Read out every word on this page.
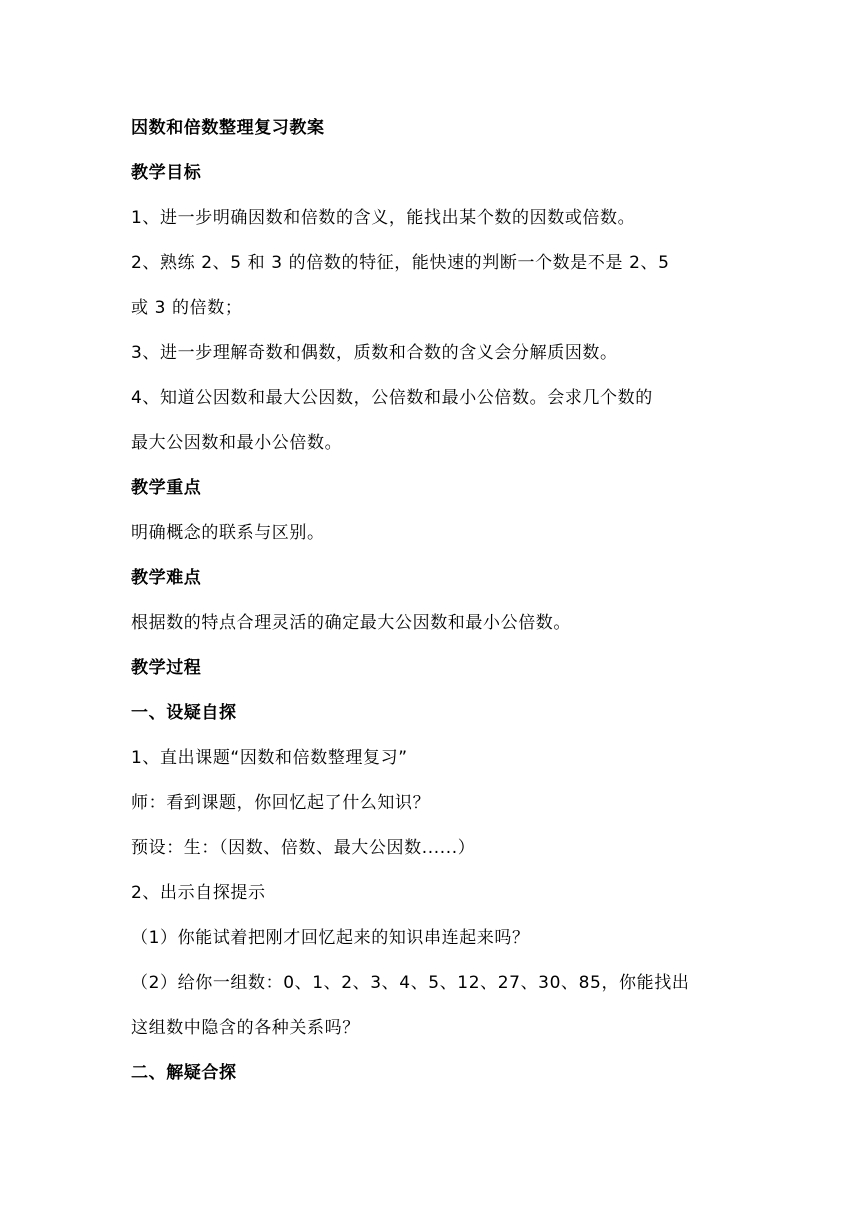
因数和倍数整理复习教案
教学目标
1、进一步明确因数和倍数的含义，能找出某个数的因数或倍数。
2、熟练 2、5 和 3 的倍数的特征，能快速的判断一个数是不是 2、5
或 3 的倍数；
3、进一步理解奇数和偶数，质数和合数的含义会分解质因数。
4、知道公因数和最大公因数，公倍数和最小公倍数。会求几个数的
最大公因数和最小公倍数。
教学重点
明确概念的联系与区别。
教学难点
根据数的特点合理灵活的确定最大公因数和最小公倍数。
教学过程
一、设疑自探
1、直出课题“因数和倍数整理复习”
师：看到课题，你回忆起了什么知识？
预设：生：（因数、倍数、最大公因数......）
2、出示自探提示
（1）你能试着把刚才回忆起来的知识串连起来吗？
（2）给你一组数：0、1、2、3、4、5、12、27、30、85，你能找出
这组数中隐含的各种关系吗？
二、解疑合探
